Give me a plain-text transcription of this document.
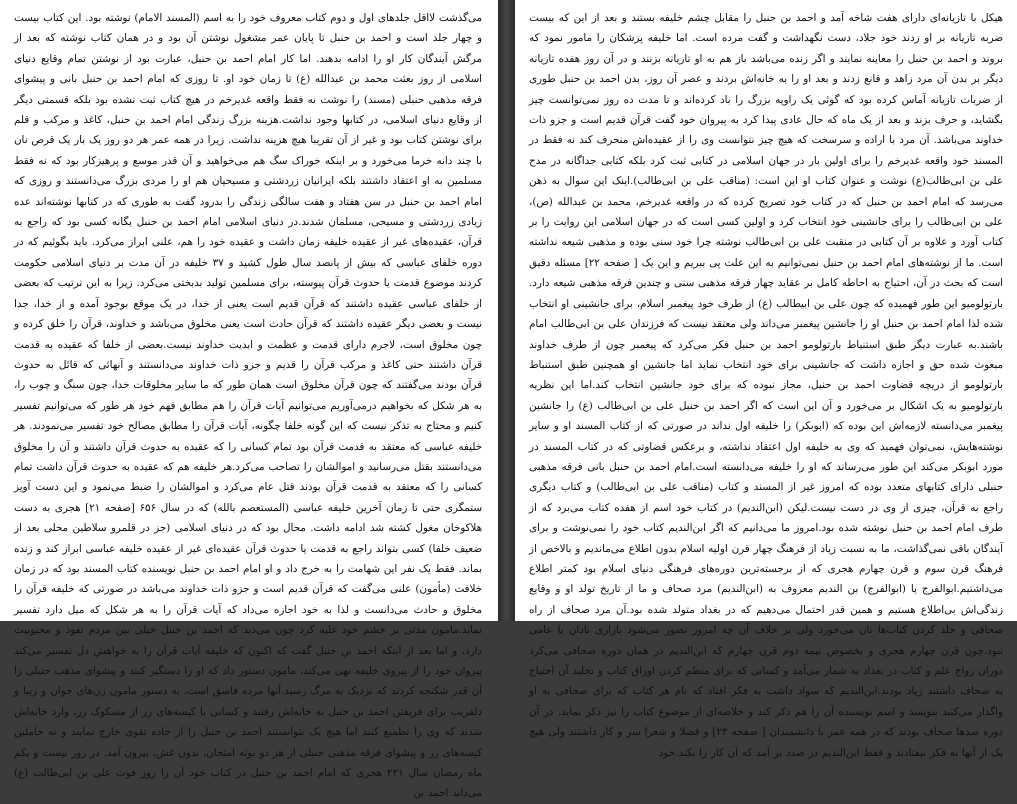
می‌گذشت لااقل جلدهای اول و دوم کتاب معروف خود را به اسم (المسند الامام) نوشته بود. این کتاب بیست و چهار جلد است و احمد بن حنبل تا پایان عمر مشغول نوشتن آن بود و در همان کتاب نوشته که بعد از مرگش آیندگان کار او را ادامه بدهند. اما کار امام احمد بن حنبل، عبارت بود از نوشتن تمام وقایع دنیای اسلامی از روز بعثت محمد بن عبدالله (ع) تا زمان خود او. تا روزی که امام احمد بن حنبل بانی و پیشوای فرقه مذهبی حنبلی (مسند) را نوشت نه فقط واقعه غدیرخم در هیچ کتاب ثبت نشده بود بلکه قسمتی دیگر از وقایع دنیای اسلامی، در کتابها وجود نداشت.هزینه بزرگ زندگی امام احمد بن حنبل، کاغذ و مرکب و قلم برای نوشتن کتاب بود و غیر از آن تقریبا هیچ هزینه نداشت. زیرا در همه عمر هر دو روز یک بار یک قرص نان با چند دانه خرما می‌خورد و بر اینکه خوراک سگ هم می‌خواهید و آن قدر موسع و پرهیزکار بود که نه فقط مسلمین به او اعتقاد داشتند بلکه ایرانیان زردشتی و مسیحیان هم او را مردی بزرگ می‌دانستند و روزی که امام احمد بن حنبل در سن هفتاد و هفت سالگی زندگی را بدرود گفت به طوری که در کتابها نوشته‌اند عده زیادی زردشتی و مسیحی، مسلمان شدند.در دنیای اسلامی امام احمد بن حنبل یگانه کسی بود که راجع به قرآن، عقیده‌های غیر از عقیده خلیفه زمان داشت و عقیده خود را هم، علنی ابراز می‌کرد. باید بگوئیم که در دوره خلفای عباسی که بیش از پانصد سال طول کشید و ۳۷ خلیفه در آن مدت بر دنیای اسلامی حکومت کردند موضوع قدمت یا حدوث قرآن پیوسته، برای مسلمین تولید بدبختی می‌کرد. زیرا به این ترتیب که بعضی از خلفای عباسی عقیده داشتند که قرآن قدیم است یعنی از خدا، در یک موقع بوجود آمده و از خدا، جدا نیست و بعضی دیگر عقیده داشتند که قرآن حادث است یعنی مخلوق می‌باشد و خداوند، قرآن را خلق کرده و چون مخلوق است، لاجرم دارای قدمت و عظمت و ابدیت خداوند نیست.بعضی از خلفا که عقیده به قدمت قرآن داشتند حتی کاغذ و مرکب قرآن را قدیم و جزو ذات خداوند می‌دانستند و آنهائی که قائل به حدوث قرآن بودند می‌گفتند که چون قرآن مخلوق است همان طور که ما سایر مخلوقات خدا، چون سنگ و چوب را، به هر شکل که بخواهیم درمی‌آوریم می‌توانیم آیات قرآن را هم مطابق فهم خود هر طور که می‌توانیم تفسیر کنیم و محتاج به تذکر نیست که این گونه خلفا چگونه، آیات قرآن را مطابق مصالح خود تفسیر می‌نمودند. هر خلیفه عباسی که معتقد به قدمت قرآن بود تمام کسانی را که عقیده به حدوث قرآن داشتند و آن را مخلوق می‌دانستند بقتل می‌رسانید و اموالشان را تصاحب می‌کرد.هر خلیفه هم که عقیده به حدوث قرآن داشت تمام کسانی را که معتقد به قدمت قرآن بودند قتل عام می‌کرد و اموالشان را ضبط می‌نمود و این دست آویز ستمگری حتی تا زمان آخرین خلیفه عباسی (المستعصم بالله) که در سال ۶۵۶ [صفحه ۲۱] هجری به دست هلاکوخان مغول کشته شد ادامه داشت. محال بود که در دنیای اسلامی (جز در قلمرو سلاطین محلی بعد از ضعیف خلفا) کسی بتواند راجع به قدمت یا حدوث قرآن عقیده‌ای غیر از عقیده خلیفه عباسی ابراز کند و زنده بماند. فقط یک نفر این شهامت را به خرج داد و او امام احمد بن حنبل نویسنده کتاب المسند بود که در زمان خلافت (مأمون) علنی می‌گفت که قرآن قدیم است و جزو ذات خداوند می‌باشد در صورتی که خلیفه قرآن را مخلوق و حادث می‌دانست و لذا به خود اجازه می‌داد که آیات قرآن را به هر شکل که میل دارد تفسیر نماید.مامون مدتی بر خشم خود غلبه کرد چون می‌دید که احمد بن حنبل خیلی بین مردم نفوذ و محبوبیت دارد، و اما بعد از اینکه احمد بن حنبل گفت که اکنون که خلیفه آیات قرآن را به خواهش دل تفسیر می‌کند پیروان خود را از پیروی خلیفه نهی می‌کند، مامون دستور داد که او را دستگیر کنند و پیشوای مذهب حنبلی را آن قدر شکنجه کردند که نزدیک به مرگ رسید.آنها مرده فاسق است. به دستور مامون زن‌های جوان و زیبا و دلفریب برای فریفتن احمد بن حنبل به خانه‌اش رفتند و کسانی با کیسه‌های زر از مسکوک زر، وارد خانه‌اش شدند که وی را تطمیع کنند اما هیچ یک نتوانستند احمد بن حنبل را از جاده تقوی خارج نمایند و نه حاملین کیسه‌های زر و پیشوای فرقه مذهبی حنبلی از هر دو بوته امتحان، بدون غش، بیرون آمد. در روز بیست و یکم ماه رمضان سال ۲۲۱ هجری که امام احمد بن حنبل در کتاب خود آن را روز فوت علی بن ابی‌طالب (ع) می‌داند احمد بن

هیکل با تازیانه‌ای دارای هفت شاخه آمد و احمد بن حنبل را مقابل چشم خلیفه بستند و بعد از این که بیست ضربه تازیانه بر او زدند خود جلاد، دست نگهداشت و گفت مرده است. اما خلیفه پزشکان را مامور نمود که بروند و احمد بن حنبل را معاینه نمایند و اگر زنده می‌باشد باز هم به او تازیانه بزنند و در آن روز هفده تازیانه دیگر بر بدن آن مرد زاهد و قانع زدند و بعد او را به خانه‌اش بردند و عصر آن روز، بدن احمد بن حنبل طوری از ضربات تازیانه آماس کرده بود که گوئی یک راویه بزرگ را باد کرده‌اند و تا مدت ده روز نمی‌توانست چیز بگشاید، و حرف بزند و بعد از یک ماه که حال عادی پیدا کرد به پیروان خود گفت قرآن قدیم است و جزو ذات خداوند می‌باشد. آن مرد با اراده و سرسخت که هیچ چیز نتوانست وی را از عقیده‌اش منحرف کند نه فقط در المسند خود واقعه غدیرخم را برای اولین بار در جهان اسلامی در کتابی ثبت کرد بلکه کتابی جداگانه در مدح علی بن ابی‌طالب(ع) نوشت و عنوان کتاب او این است: (مناقب علی بن ابی‌طالب).اینک این سوال به ذهن می‌رسد که امام احمد بن حنبل که در کتاب خود تصریح کرده که در واقعه غدیرخم، محمد بن عبدالله (ص)، علی بن ابی‌طالب را برای جانشینی خود انتخاب کرد و اولین کسی است که در جهان اسلامی این روایت را بر کتاب آورد و علاوه بر آن کتابی در منقبت علی بن ابی‌طالب نوشته چرا خود سنی بوده و مذهبی شیعه نداشته است. ما از نوشته‌های امام احمد بن حنبل نمی‌توانیم به این علت پی ببریم و این یک [ صفحه ۲۲] مسئله دقیق است که بحث در آن، احتیاج به احاطه کامل بر عقاید چهار فرقه مذهبی سنی و چندین فرقه مذهبی شیعه دارد. بارتولومیو این طور فهمیده که چون علی بن ابیطالب (ع) از طرف خود پیغمبر اسلام، برای جانشینی او انتخاب شده لذا امام احمد بن حنبل او را جانشین پیغمبر می‌داند ولی معتقد نیست که فرزندان علی بن ابی‌طالب امام باشند.به عبارت دیگر طبق استنباط بارتولومو احمد بن حنبل فکر می‌کرد که پیغمبر چون از طرف خداوند مبعوث شده حق و اجازه داشت که جانشینی برای خود انتخاب نماید اما جانشین او همچنین طبق استنباط بارتولومو از دریچه قضاوت احمد بن حنبل، مجاز نبوده که برای خود جانشین انتخاب کند.اما این نظریه بارتولومیو به یک اشکال بر می‌خورد و آن این است که اگر احمد بن حنبل علی بن ابی‌طالب (ع) را جانشین پیغمبر می‌دانسته لازمه‌اش این بوده که (ابوبکر) را خلیفه اول نداند در صورتی که از کتاب المسند او و سایر نوشته‌هایش، نمی‌توان فهمید که وی به خلیفه اول اعتقاد نداشته، و برعکس قضاوتی که در کتاب المسند در مورد ابوبکر می‌کند این طور می‌رساند که او را خلیفه می‌دانسته است.امام احمد بن حنبل بانی فرقه مذهبی حنبلی دارای کتابهای متعدد بوده که امروز غیر از المسند و کتاب (مناقب علی بن ابی‌طالب) و کتاب دیگری راجع به قرآن، چیزی از وی در دست نیست.لیکن (ابن‌الندیم) در کتاب خود اسم از هفده کتاب می‌برد که از طرف امام احمد بن حنبل نوشته شده بود.امروز ما می‌دانیم که اگر ابن‌الندیم کتاب خود را نمی‌نوشت و برای آیندگان باقی نمی‌گذاشت، ما به نسبت زیاد از فرهنگ چهار قرن اولیه اسلام بدون اطلاع می‌ماندیم و بالاخص از فرهنگ قرن سوم و قرن چهارم هجری که از برجسته‌ترین دوره‌های فرهنگی دنیای اسلام بود کمتر اطلاع می‌داشتیم.ابوالفرج یا (ابوالفرج) بن الندیم معروف به (ابن‌الندیم) مرد صحاف و ما از تاریخ تولد او و وقایع زندگی‌اش بی‌اطلاع هستیم و همین قدر احتمال می‌دهیم که در بغداد متولد شده بود.آن مرد صحاف از راه صحافی و جلد کردن کتاب‌ها نان می‌خورد ولی بر خلاف آن چه امروز تصور می‌شود بازاری نادان یا عامی نبود.چون قرن چهارم هجری و بخصوص نیمه دوم قرن چهارم که ابن‌الندیم در همان دوره صحافی می‌کرد دوران رواج علم و کتاب در بغداد به شمار می‌آمد و کسانی که برای منظم کردن اوراق کتاب و تجلید آن احتیاج به صحاف داشتند زیاد بودند.ابن‌الندیم که سواد داشت به فکر افتاد که نام هر کتاب که برای صحافی به او واگذار می‌کنند بنویسد و اسم نویسنده آن را هم ذکر کند و خلاصه‌ای از موضوع کتاب را نیز ذکر نماید. در آن دوره صدها صحاف بودند که در همه عمر با دانشمندان [ صفحه ۲۳] و فضلا و شعرا سر و کار داشتند ولی هیچ یک از آنها به فکر نیفتادند و فقط ابن‌الندیم در صدد بر آمد که آن کار را بکند.خود
